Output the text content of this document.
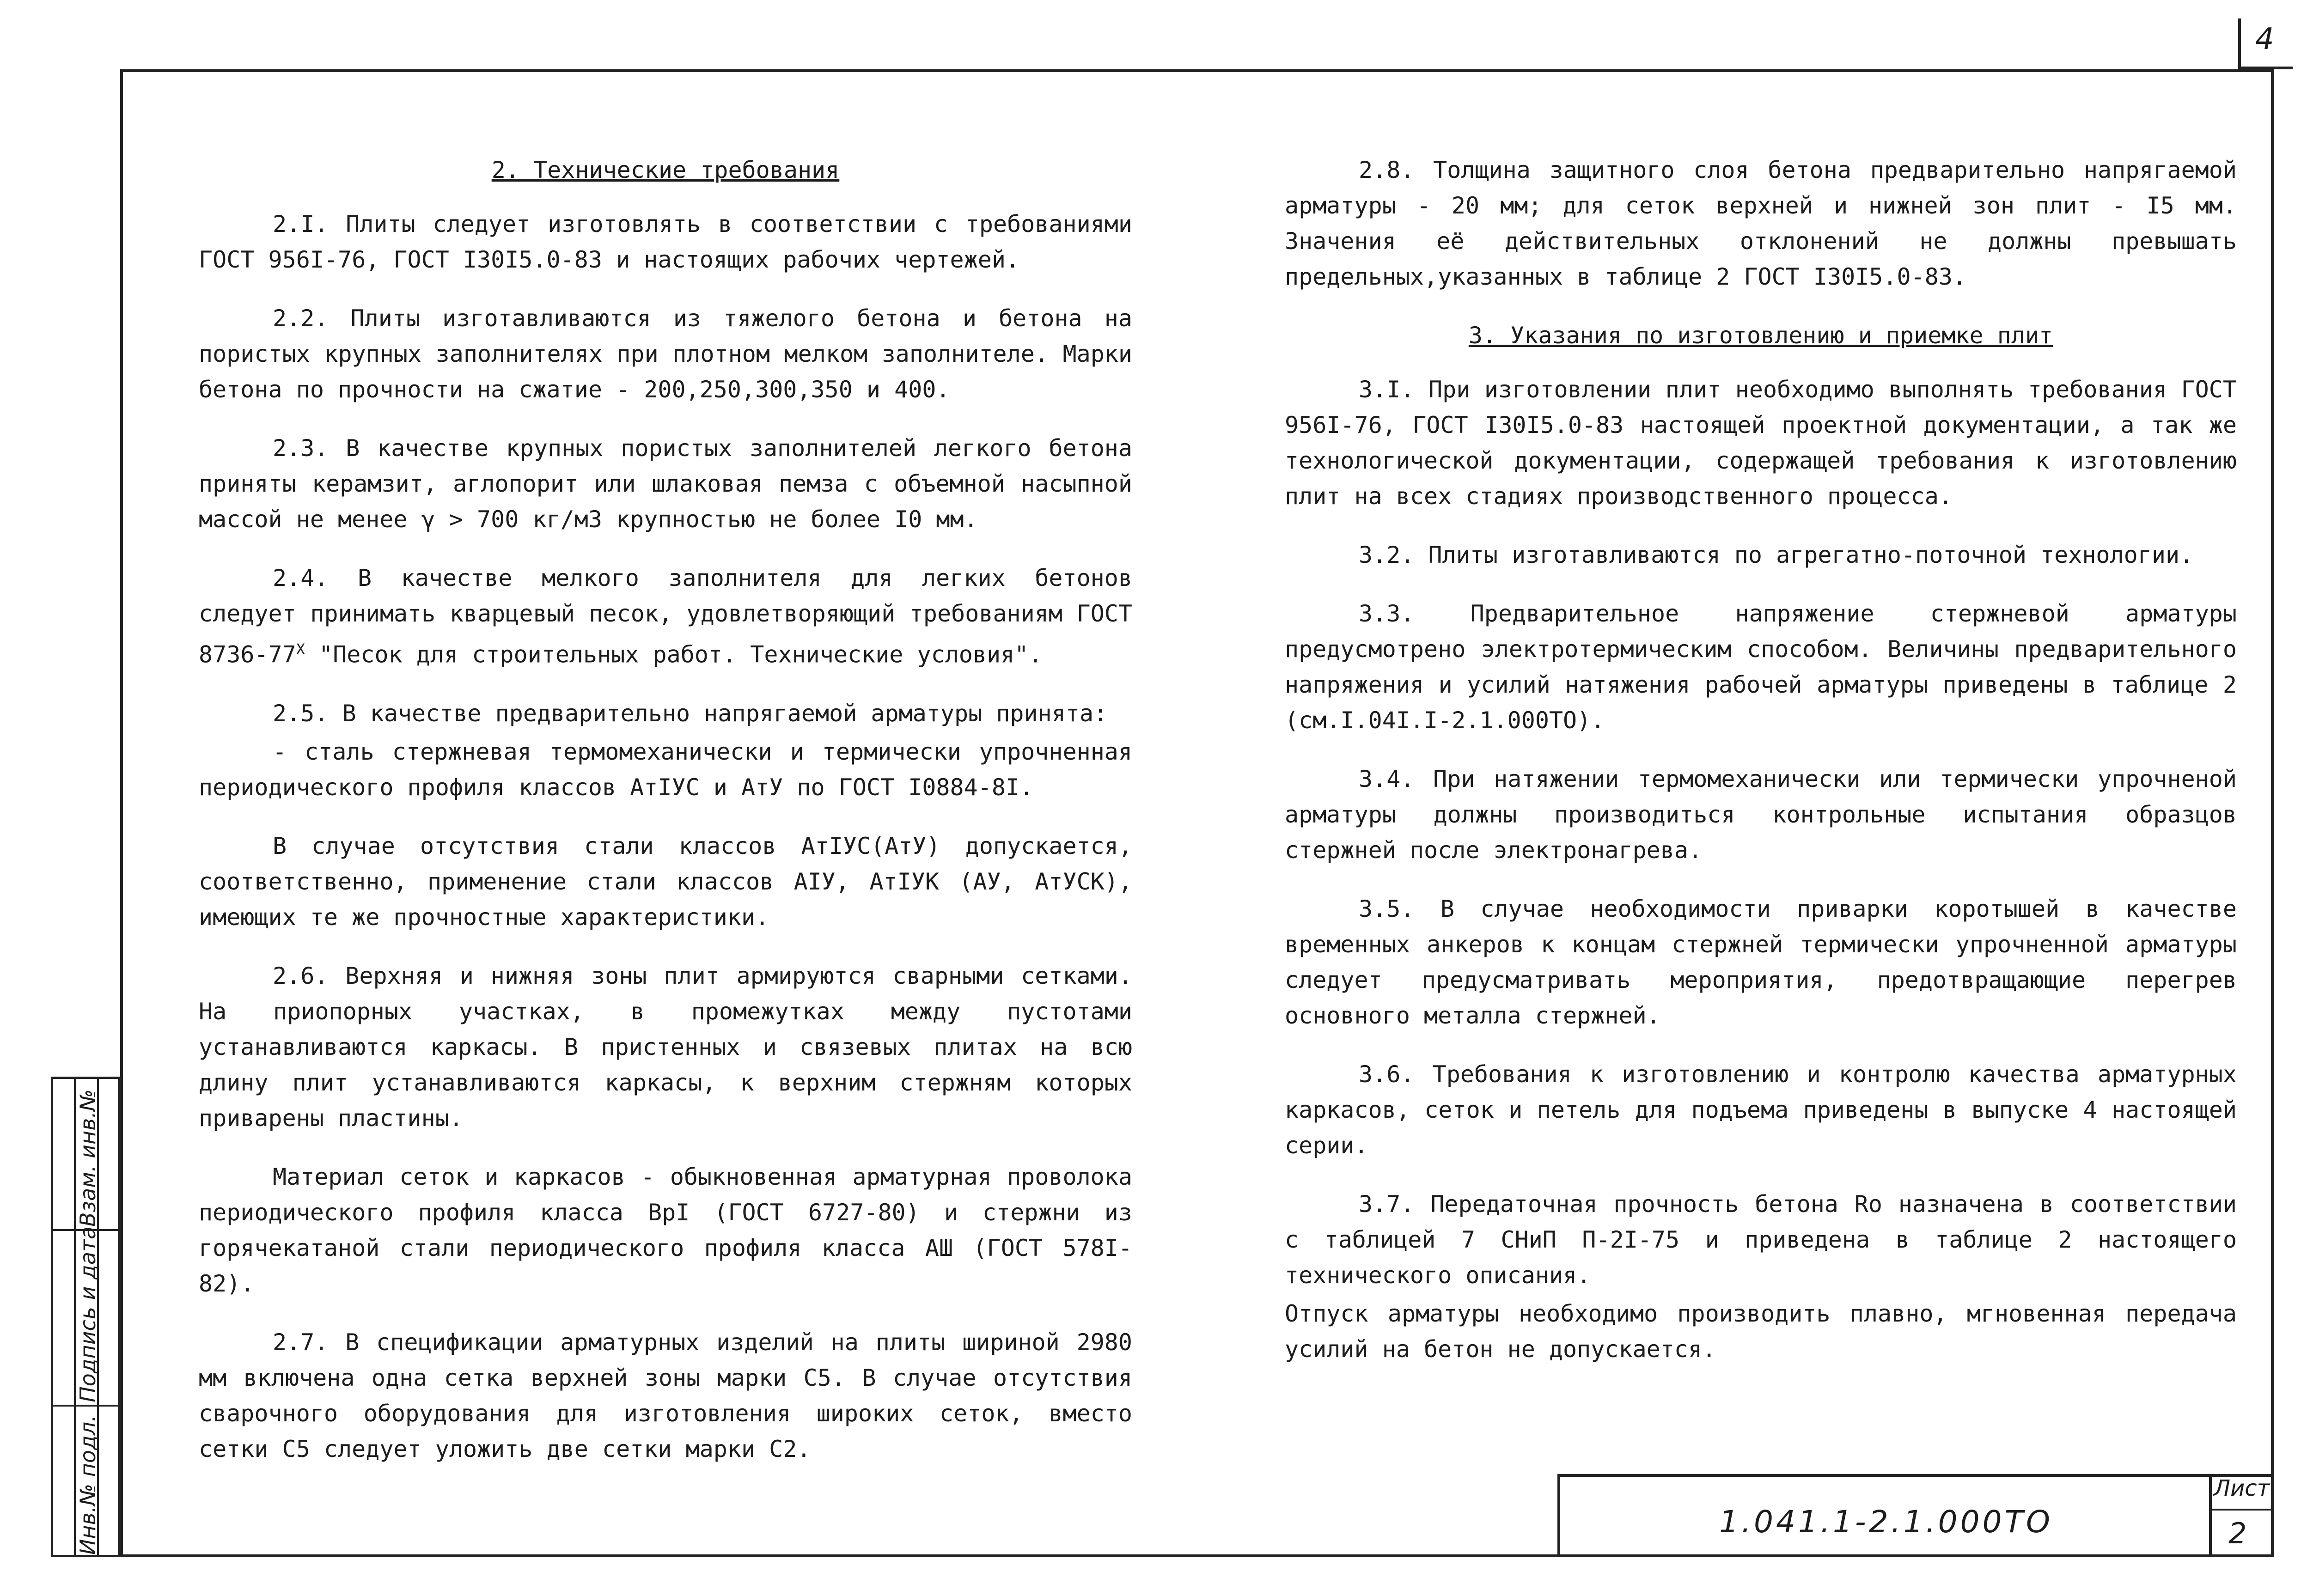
4
2. Технические требования

2.I. Плиты следует изготовлять в соответствии с требованиями ГОСТ 956I-76, ГОСТ I30I5.0-83 и настоящих рабочих чертежей.

2.2. Плиты изготавливаются из тяжелого бетона и бетона на пористых крупных заполнителях при плотном мелком заполнителе. Марки бетона по прочности на сжатие - 200,250,300,350 и 400.

2.3. В качестве крупных пористых заполнителей легкого бетона приняты керамзит, аглопорит или шлаковая пемза с объемной насыпной массой не менее γ > 700 кг/м3 крупностью не более I0 мм.

2.4. В качестве мелкого заполнителя для легких бетонов следует принимать кварцевый песок, удовлетворяющий требованиям ГОСТ $8736-77^Х$ "Песок для строительных работ. Технические условия".

2.5. В качестве предварительно напрягаемой арматуры принята:

- сталь стержневая термомеханически и термически упрочненная периодического профиля классов АтIУС и АтУ по ГОСТ I0884-8I.

В случае отсутствия стали классов АтIУС(АтУ) допускается, соответственно, применение стали классов АIУ, АтIУК (АУ, АтУСК), имеющих те же прочностные характеристики.

2.6. Верхняя и нижняя зоны плит армируются сварными сетками. На приопорных участках, в промежутках между пустотами устанавливаются каркасы. В пристенных и связевых плитах на всю длину плит устанавливаются каркасы, к верхним стержням которых приварены пластины.

Материал сеток и каркасов - обыкновенная арматурная проволока периодического профиля класса ВрI (ГОСТ 6727-80) и стержни из горячекатаной стали периодического профиля класса АШ (ГОСТ 578I-82).

2.7. В спецификации арматурных изделий на плиты шириной 2980 мм включена одна сетка верхней зоны марки С5. В случае отсутствия сварочного оборудования для изготовления широких сеток, вместо сетки С5 следует уложить две сетки марки С2.

2.8. Толщина защитного слоя бетона предварительно напрягаемой арматуры - 20 мм; для сеток верхней и нижней зон плит - I5 мм. Значения её действительных отклонений не должны превышать предельных,указанных в таблице 2 ГОСТ I30I5.0-83.

3. Указания по изготовлению и приемке плит

3.I. При изготовлении плит необходимо выполнять требования ГОСТ 956I-76, ГОСТ I30I5.0-83 настоящей проектной документации, а так же технологической документации, содержащей требования к изготовлению плит на всех стадиях производственного процесса.

3.2. Плиты изготавливаются по агрегатно-поточной технологии.

3.3. Предварительное напряжение стержневой арматуры предусмотрено электротермическим способом. Величины предварительного напряжения и усилий натяжения рабочей арматуры приведены в таблице 2 (см.I.04I.I-2.1.000ТО).

3.4. При натяжении термомеханически или термически упрочненой арматуры должны производиться контрольные испытания образцов стержней после электронагрева.

3.5. В случае необходимости приварки коротышей в качестве временных анкеров к концам стержней термически упрочненной арматуры следует предусматривать мероприятия, предотвращающие перегрев основного металла стержней.

3.6. Требования к изготовлению и контролю качества арматурных каркасов, сеток и петель для подъема приведены в выпуске 4 настоящей серии.

3.7. Передаточная прочность бетона Ro назначена в соответствии с таблицей 7 СНиП П-2I-75 и приведена в таблице 2 настоящего технического описания.

Отпуск арматуры необходимо производить плавно, мгновенная передача усилий на бетон не допускается.

1.041.1-2.1.000ТО
Лист
2
Инв.№ подл.
Подпись и дата
Взам. инв.№
